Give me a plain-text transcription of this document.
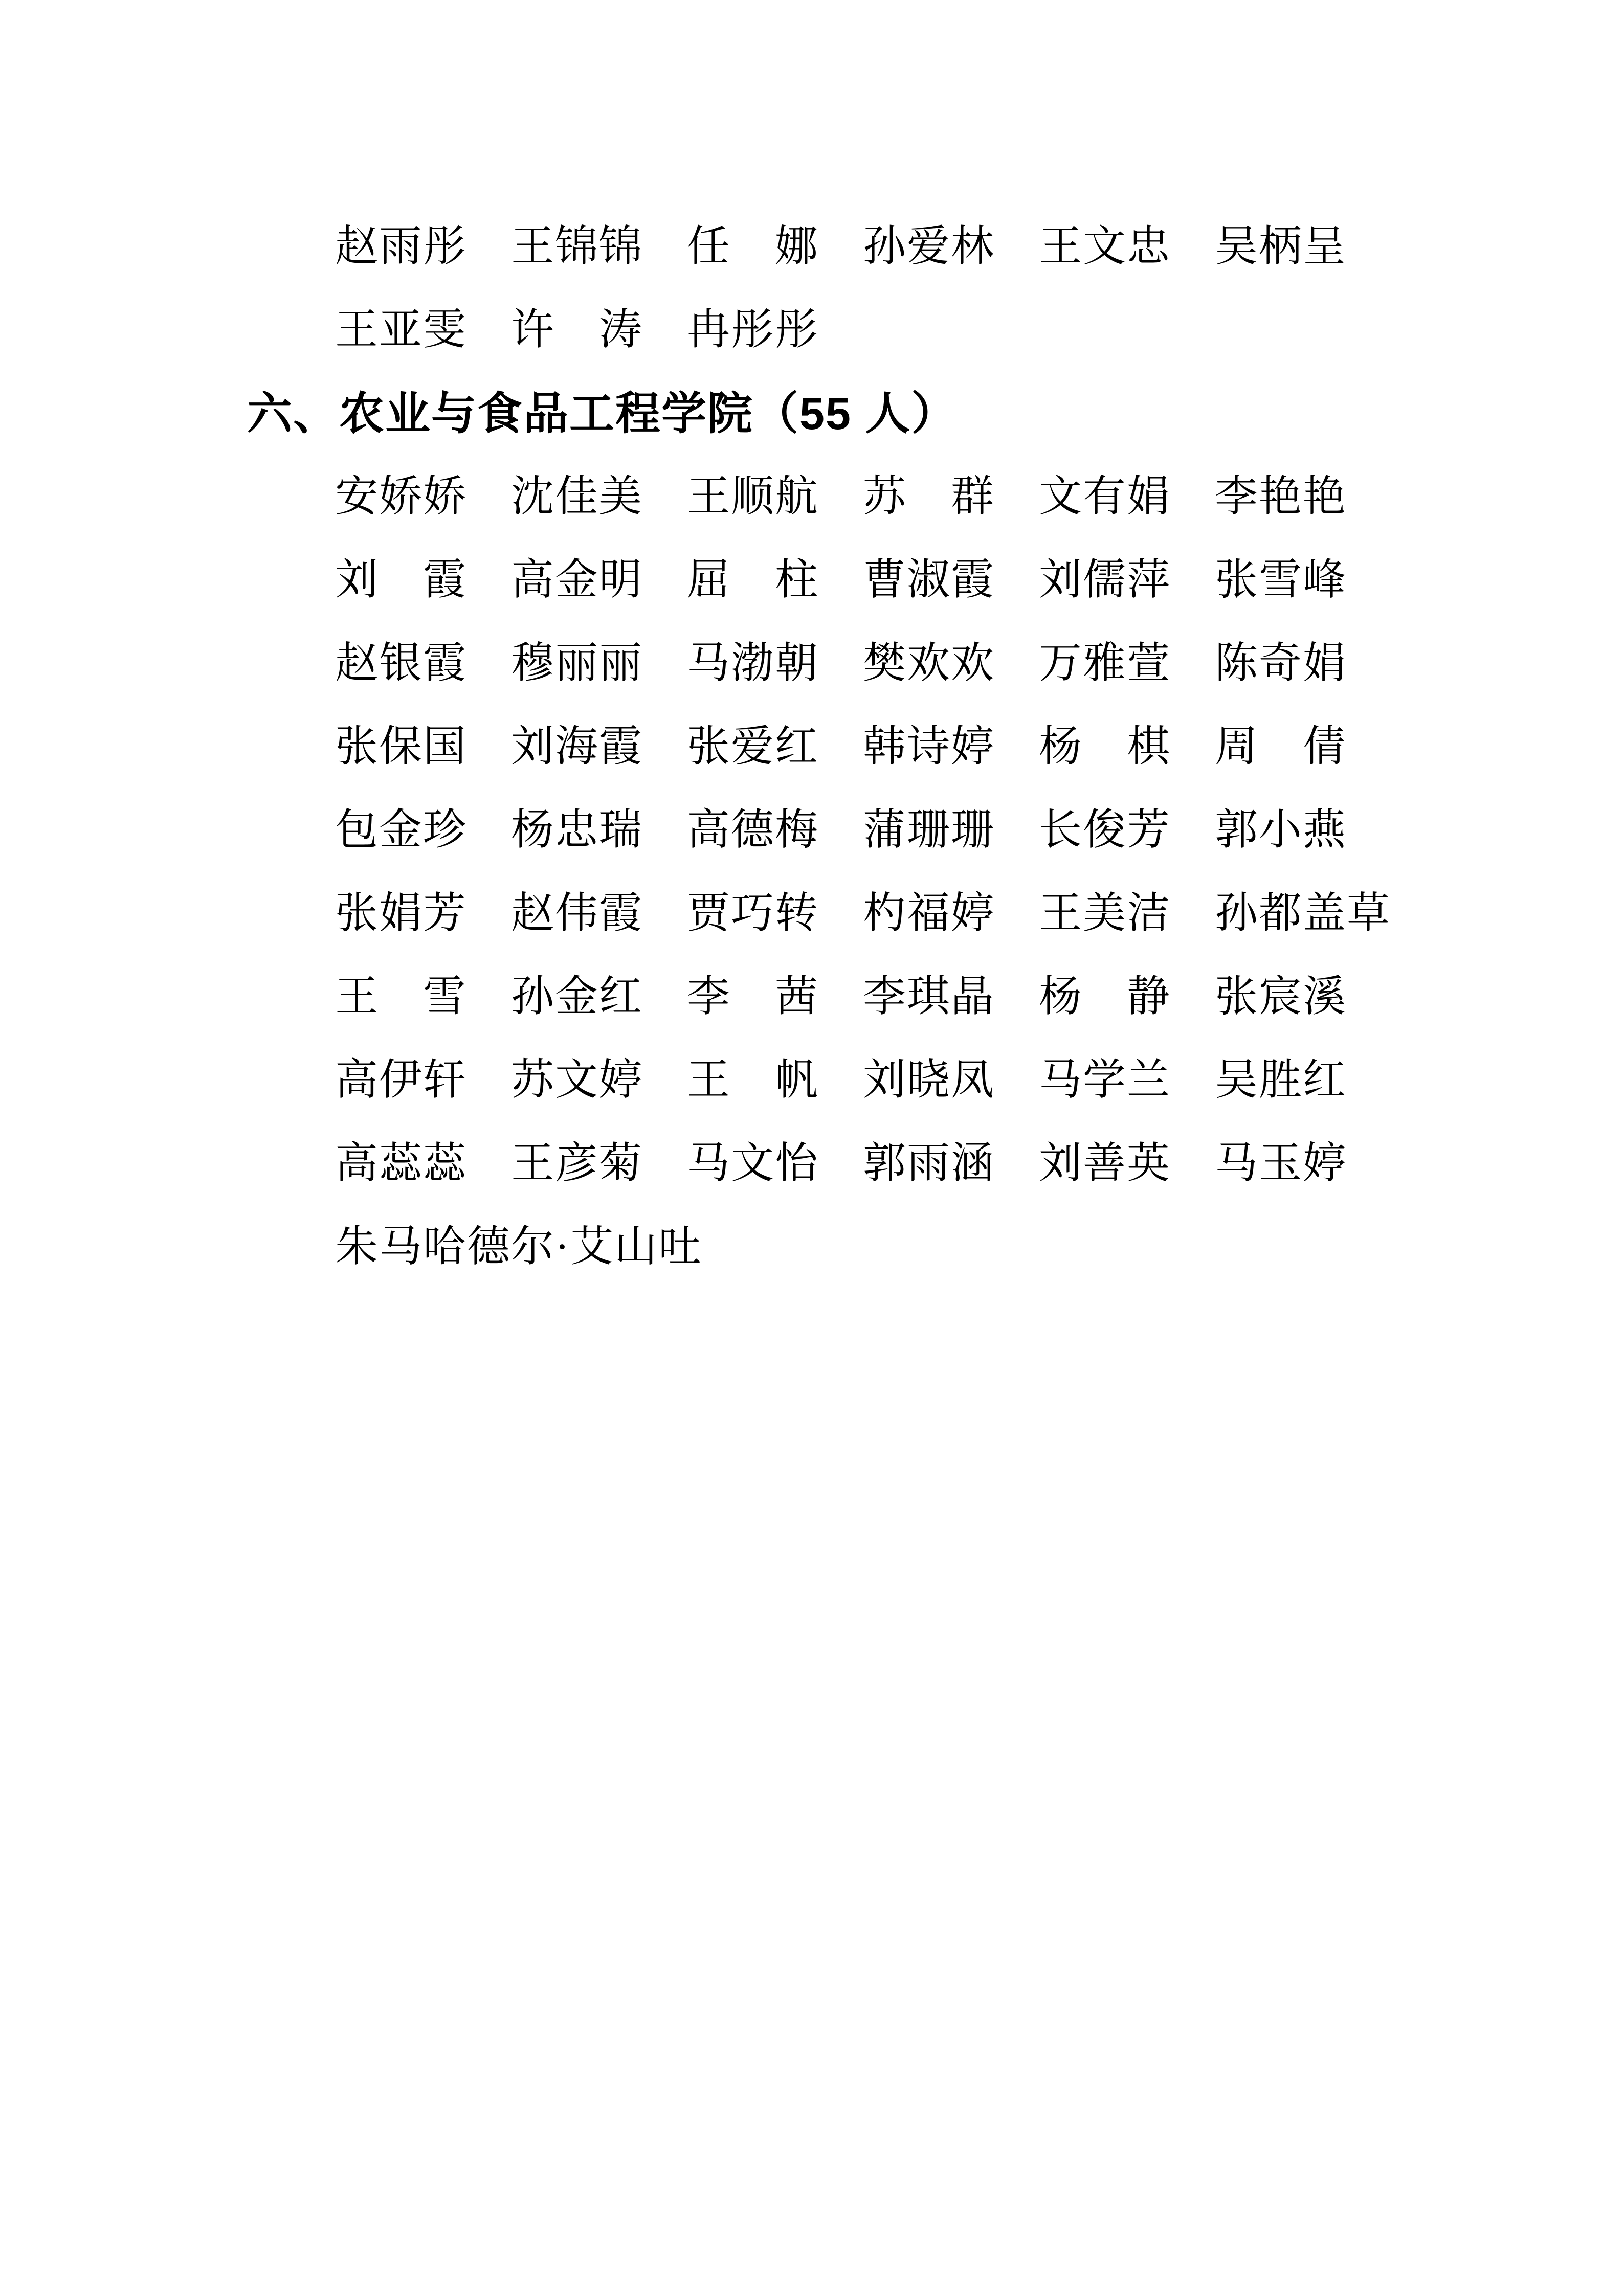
赵雨彤　王锦锦　任　娜　孙爱林　王文忠　吴柄呈
王亚雯　许　涛　冉彤彤
六、农业与食品工程学院（55 人）
安娇娇　沈佳美　王顺航　苏　群　文有娟　李艳艳
刘　霞　高金明　屈　柱　曹淑霞　刘儒萍　张雪峰
赵银霞　穆丽丽　马渤朝　樊欢欢　万雅萱　陈奇娟
张保国　刘海霞　张爱红　韩诗婷　杨　棋　周　倩
包金珍　杨忠瑞　高德梅　蒲珊珊　长俊芳　郭小燕
张娟芳　赵伟霞　贾巧转　杓福婷　王美洁　孙都盖草
王　雪　孙金红　李　茜　李琪晶　杨　静　张宸溪
高伊轩　苏文婷　王　帆　刘晓凤　马学兰　吴胜红
高蕊蕊　王彦菊　马文怡　郭雨涵　刘善英　马玉婷
朱马哈德尔·艾山吐
